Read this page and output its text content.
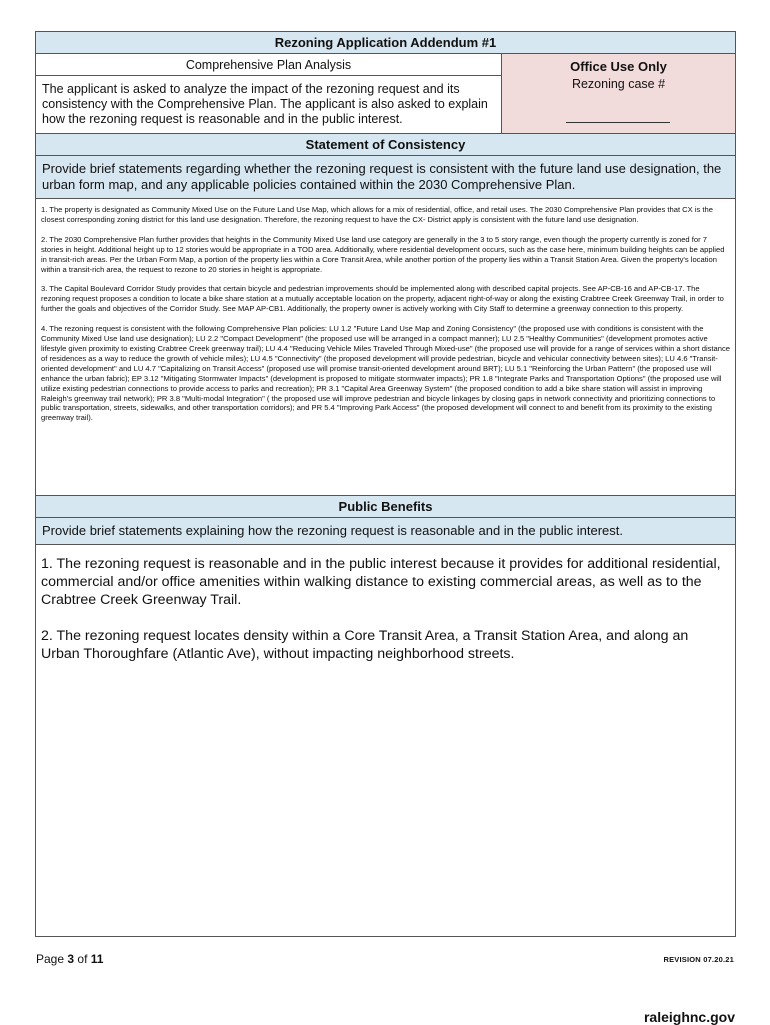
Rezoning Application Addendum #1
Comprehensive Plan Analysis
The applicant is asked to analyze the impact of the rezoning request and its consistency with the Comprehensive Plan. The applicant is also asked to explain how the rezoning request is reasonable and in the public interest.
Office Use Only
Rezoning case #
Statement of Consistency
Provide brief statements regarding whether the rezoning request is consistent with the future land use designation, the urban form map, and any applicable policies contained within the 2030 Comprehensive Plan.

1. The property is designated as Community Mixed Use on the Future Land Use Map, which allows for a mix of residential, office, and retail uses. The 2030 Comprehensive Plan provides that CX is the closest corresponding zoning district for this land use designation. Therefore, the rezoning request to have the CX- District apply is consistent with the future land use designation.

2. The 2030 Comprehensive Plan further provides that heights in the Community Mixed Use land use category are generally in the 3 to 5 story range, even though the property currently is zoned for 7 stories in height. Additional height up to 12 stories would be appropriate in a TOD area. Additionally, where residential development occurs, such as the case here, minimum building heights can be applied in transit-rich areas. Per the Urban Form Map, a portion of the property lies within a Core Transit Area, while another portion of the property lies within a Transit Station Area. Given the property's location within a transit-rich area, the request to rezone to 20 stories in height is appropriate.

3. The Capital Boulevard Corridor Study provides that certain bicycle and pedestrian improvements should be implemented along with described capital projects. See AP-CB-16 and AP-CB-17. The rezoning request proposes a condition to locate a bike share station at a mutually acceptable location on the property, adjacent right-of-way or along the existing Crabtree Creek Greenway Trail, in order to further the goals and objectives of the Corridor Study. See MAP AP-CB1. Additionally, the property owner is actively working with City Staff to determine a greenway connection to this property.

4. The rezoning request is consistent with the following Comprehensive Plan policies: LU 1.2 "Future Land Use Map and Zoning Consistency" (the proposed use with conditions is consistent with the Community Mixed Use land use designation); LU 2.2 "Compact Development" (the proposed use will be arranged in a compact manner); LU 2.5 "Healthy Communities" (development promotes active lifestyle given proximity to existing Crabtree Creek greenway trail); LU 4.4 "Reducing Vehicle Miles Traveled Through Mixed-use" (the proposed use will provide for a range of services within a short distance of residences as a way to reduce the growth of vehicle miles); LU 4.5 "Connectivity" (the proposed development will provide pedestrian, bicycle and vehicular connectivity between sites); LU 4.6 "Transit-oriented development" and LU 4.7 "Capitalizing on Transit Access" (proposed use will promise transit-oriented development around BRT); LU 5.1 "Reinforcing the Urban Pattern" (the proposed use will enhance the urban fabric); EP 3.12 "Mitigating Stormwater Impacts" (development is proposed to mitigate stormwater impacts); PR 1.8 "Integrate Parks and Transportation Options" (the proposed use will utilize existing pedestrian connections to provide access to parks and recreation); PR 3.1 "Capital Area Greenway System" (the proposed condition to add a bike share station will assist in improving Raleigh's greenway trail network); PR 3.8 "Multi-modal Integration" ( the proposed use will improve pedestrian and bicycle linkages by closing gaps in network connectivity and prioritizing connections to public transportation, streets, sidewalks, and other transportation corridors); and PR 5.4 "Improving Park Access" (the proposed development will connect to and benefit from its proximity to the existing greenway trail).

Public Benefits
Provide brief statements explaining how the rezoning request is reasonable and in the public interest.

1. The rezoning request is reasonable and in the public interest because it provides for additional residential, commercial and/or office amenities within walking distance to existing commercial areas, as well as to the Crabtree Creek Greenway Trail.

2. The rezoning request locates density within a Core Transit Area, a Transit Station Area, and along an Urban Thoroughfare (Atlantic Ave), without impacting neighborhood streets.

Page 3 of 11	REVISION 07.20.21
raleighnc.gov
